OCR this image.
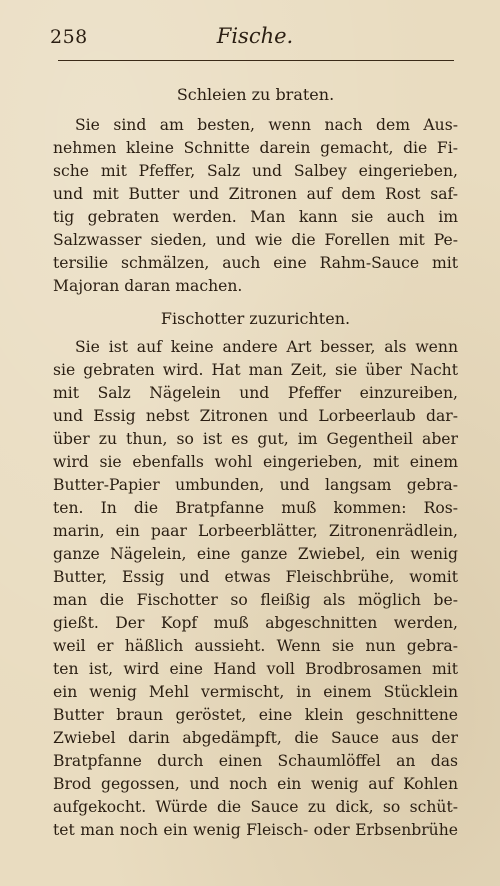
258	Fische.

Schleien zu braten.

Sie sind am besten, wenn nach dem Aus-
nehmen kleine Schnitte darein gemacht, die Fi-
sche mit Pfeffer, Salz und Salbey eingerieben,
und mit Butter und Zitronen auf dem Rost saf-
tig gebraten werden. Man kann sie auch im
Salzwasser sieden, und wie die Forellen mit Pe-
tersilie schmälzen, auch eine Rahm-Sauce mit
Majoran daran machen.

Fischotter zuzurichten.

Sie ist auf keine andere Art besser, als wenn
sie gebraten wird. Hat man Zeit, sie über Nacht
mit Salz Nägelein und Pfeffer einzureiben,
und Essig nebst Zitronen und Lorbeerlaub dar-
über zu thun, so ist es gut, im Gegentheil aber
wird sie ebenfalls wohl eingerieben, mit einem
Butter-Papier umbunden, und langsam gebra-
ten. In die Bratpfanne muß kommen: Ros-
marin, ein paar Lorbeerblätter, Zitronenrädlein,
ganze Nägelein, eine ganze Zwiebel, ein wenig
Butter, Essig und etwas Fleischbrühe, womit
man die Fischotter so fleißig als möglich be-
gießt. Der Kopf muß abgeschnitten werden,
weil er häßlich aussieht. Wenn sie nun gebra-
ten ist, wird eine Hand voll Brodbrosamen mit
ein wenig Mehl vermischt, in einem Stücklein
Butter braun geröstet, eine klein geschnittene
Zwiebel darin abgedämpft, die Sauce aus der
Bratpfanne durch einen Schaumlöffel an das
Brod gegossen, und noch ein wenig auf Kohlen
aufgekocht. Würde die Sauce zu dick, so schüt-
tet man noch ein wenig Fleisch- oder Erbsenbrühe
